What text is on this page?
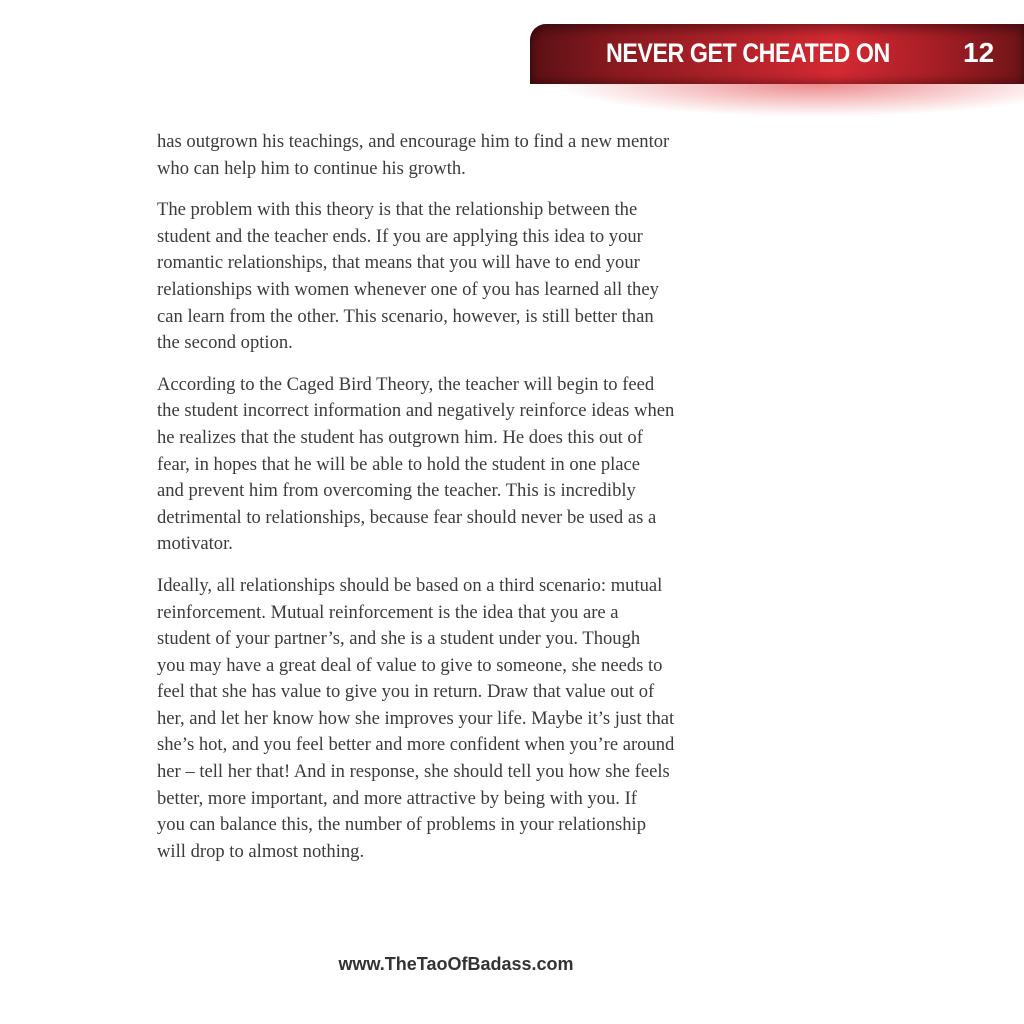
NEVER GET CHEATED ON	12

has outgrown his teachings, and encourage him to find a new mentor
who can help him to continue his growth.

The problem with this theory is that the relationship between the
student and the teacher ends. If you are applying this idea to your
romantic relationships, that means that you will have to end your
relationships with women whenever one of you has learned all they
can learn from the other. This scenario, however, is still better than
the second option.

According to the Caged Bird Theory, the teacher will begin to feed
the student incorrect information and negatively reinforce ideas when
he realizes that the student has outgrown him. He does this out of
fear, in hopes that he will be able to hold the student in one place
and prevent him from overcoming the teacher. This is incredibly
detrimental to relationships, because fear should never be used as a
motivator.

Ideally, all relationships should be based on a third scenario: mutual
reinforcement. Mutual reinforcement is the idea that you are a
student of your partner’s, and she is a student under you. Though
you may have a great deal of value to give to someone, she needs to
feel that she has value to give you in return. Draw that value out of
her, and let her know how she improves your life. Maybe it’s just that
she’s hot, and you feel better and more confident when you’re around
her – tell her that! And in response, she should tell you how she feels
better, more important, and more attractive by being with you. If
you can balance this, the number of problems in your relationship
will drop to almost nothing.

www.TheTaoOfBadass.com
